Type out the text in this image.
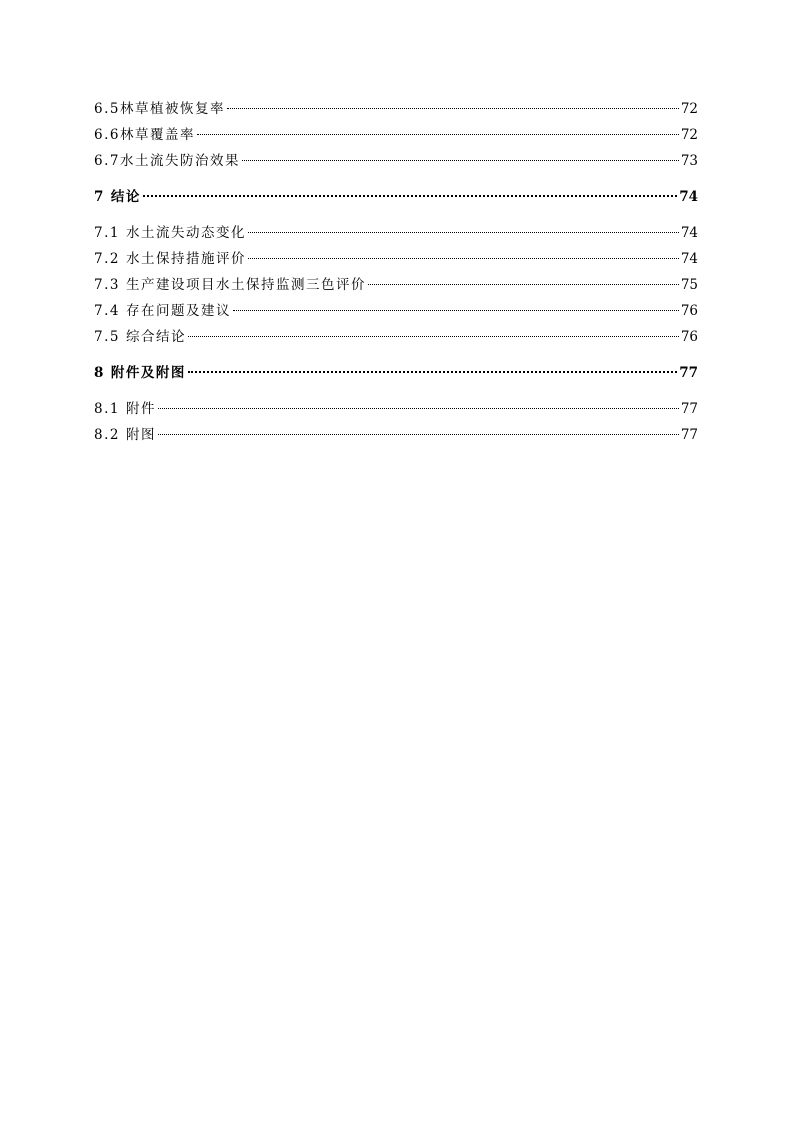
6.5 林草植被恢复率	72
6.6 林草覆盖率	72
6.7 水土流失防治效果	73
7 结论	74
7.1 水土流失动态变化	74
7.2 水土保持措施评价	74
7.3 生产建设项目水土保持监测三色评价	75
7.4 存在问题及建议	76
7.5 综合结论	76
8 附件及附图	77
8.1 附件	77
8.2 附图	77
